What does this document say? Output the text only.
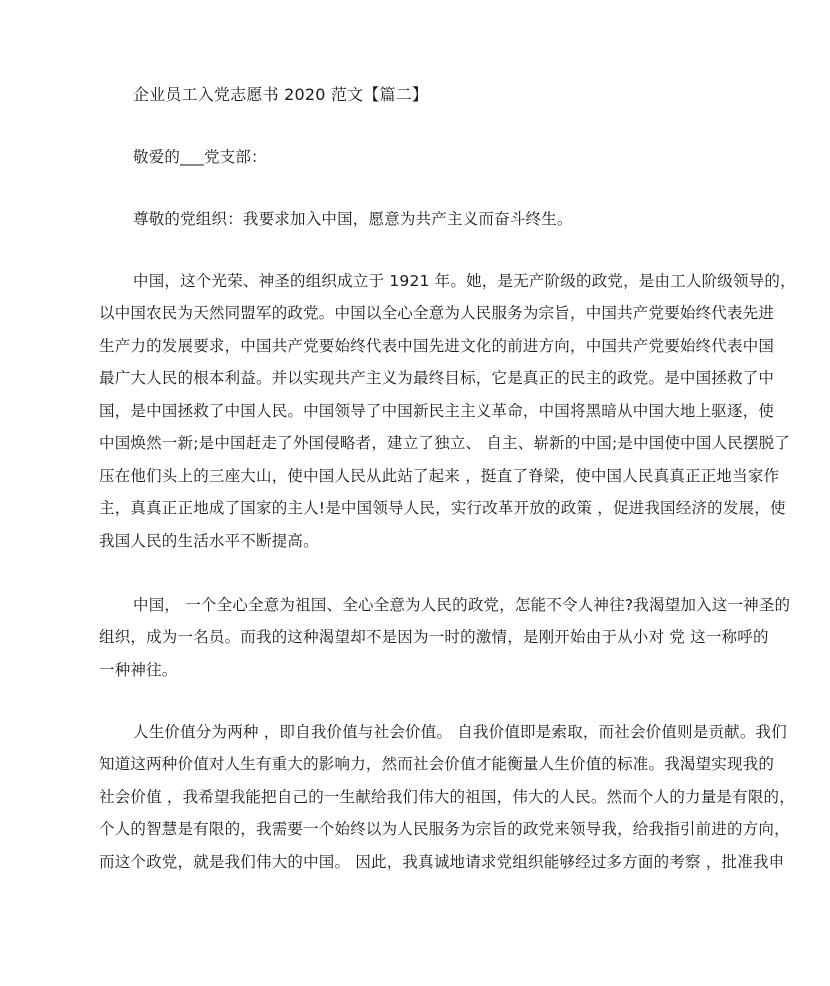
企业员工入党志愿书 2020 范文【篇二】
敬爱的___党支部：
尊敬的党组织：我要求加入中国，愿意为共产主义而奋斗终生。
中国，这个光荣、神圣的组织成立于 1921 年。她，是无产阶级的政党，是由工人阶级领导的，
以中国农民为天然同盟军的政党。中国以全心全意为人民服务为宗旨，中国共产党要始终代表先进
生产力的发展要求，中国共产党要始终代表中国先进文化的前进方向，中国共产党要始终代表中国
最广大人民的根本利益。并以实现共产主义为最终目标，它是真正的民主的政党。是中国拯救了中
国，是中国拯救了中国人民。中国领导了中国新民主主义革命，中国将黑暗从中国大地上驱逐，使
中国焕然一新;是中国赶走了外国侵略者，建立了独立、 自主、崭新的中国;是中国使中国人民摆脱了
压在他们头上的三座大山，使中国人民从此站了起来 ，挺直了脊梁，使中国人民真真正正地当家作
主，真真正正地成了国家的主人!是中国领导人民，实行改革开放的政策 ，促进我国经济的发展，使
我国人民的生活水平不断提高。
中国， 一个全心全意为祖国、全心全意为人民的政党，怎能不令人神往?我渴望加入这一神圣的
组织，成为一名员。而我的这种渴望却不是因为一时的激情，是刚开始由于从小对 党 这一称呼的
一种神往。
人生价值分为两种 ，即自我价值与社会价值。 自我价值即是索取，而社会价值则是贡献。我们
知道这两种价值对人生有重大的影响力，然而社会价值才能衡量人生价值的标准。我渴望实现我的
社会价值 ，我希望我能把自己的一生献给我们伟大的祖国，伟大的人民。然而个人的力量是有限的，
个人的智慧是有限的，我需要一个始终以为人民服务为宗旨的政党来领导我，给我指引前进的方向，
而这个政党，就是我们伟大的中国。 因此，我真诚地请求党组织能够经过多方面的考察 ，批准我申
